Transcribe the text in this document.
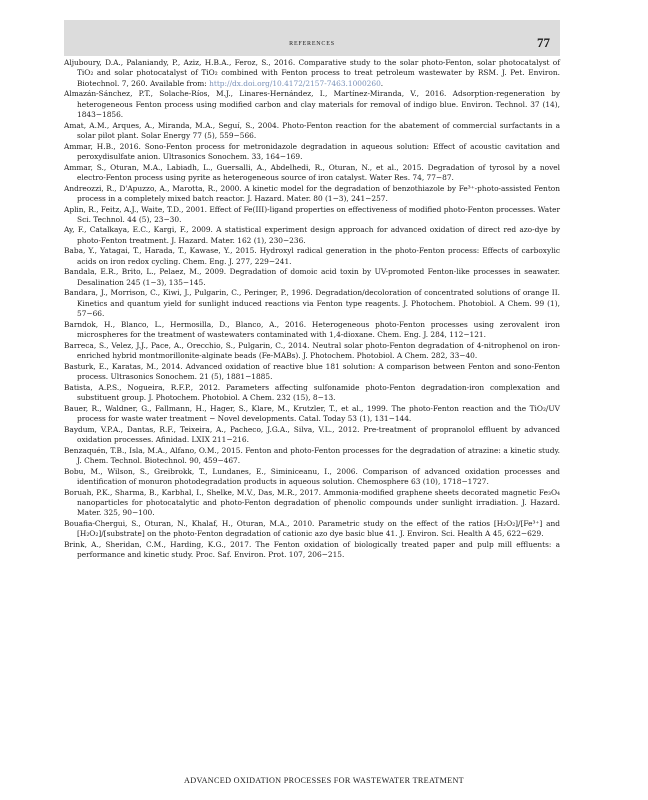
REFERENCES	77

Aljuboury, D.A., Palaniandy, P., Aziz, H.B.A., Feroz, S., 2016. Comparative study to the solar photo-Fenton, solar photocatalyst of TiO₂ and solar photocatalyst of TiO₂ combined with Fenton process to treat petroleum wastewater by RSM. J. Pet. Environ. Biotechnol. 7, 260. Available from: http://dx.doi.org/10.4172/2157-7463.1000260.

Almazán-Sánchez, P.T., Solache-Ríos, M.J., Linares-Hernández, I., Martínez-Miranda, V., 2016. Adsorption-regeneration by heterogeneous Fenton process using modified carbon and clay materials for removal of indigo blue. Environ. Technol. 37 (14), 1843−1856.

Amat, A.M., Arques, A., Miranda, M.A., Seguí, S., 2004. Photo-Fenton reaction for the abatement of commercial surfactants in a solar pilot plant. Solar Energy 77 (5), 559−566.

Ammar, H.B., 2016. Sono-Fenton process for metronidazole degradation in aqueous solution: Effect of acoustic cavitation and peroxydisulfate anion. Ultrasonics Sonochem. 33, 164−169.

Ammar, S., Oturan, M.A., Labiadh, L., Guersalli, A., Abdelhedi, R., Oturan, N., et al., 2015. Degradation of tyrosol by a novel electro-Fenton process using pyrite as heterogeneous source of iron catalyst. Water Res. 74, 77−87.

Andreozzi, R., D'Apuzzo, A., Marotta, R., 2000. A kinetic model for the degradation of benzothiazole by Fe³⁺-photo-assisted Fenton process in a completely mixed batch reactor. J. Hazard. Mater. 80 (1−3), 241−257.

Aplin, R., Feitz, A.J., Waite, T.D., 2001. Effect of Fe(III)-ligand properties on effectiveness of modified photo-Fenton processes. Water Sci. Technol. 44 (5), 23−30.

Ay, F., Catalkaya, E.C., Kargi, F., 2009. A statistical experiment design approach for advanced oxidation of direct red azo-dye by photo-Fenton treatment. J. Hazard. Mater. 162 (1), 230−236.

Baba, Y., Yatagai, T., Harada, T., Kawase, Y., 2015. Hydroxyl radical generation in the photo-Fenton process: Effects of carboxylic acids on iron redox cycling. Chem. Eng. J. 277, 229−241.

Bandala, E.R., Brito, L., Pelaez, M., 2009. Degradation of domoic acid toxin by UV-promoted Fenton-like processes in seawater. Desalination 245 (1−3), 135−145.

Bandara, J., Morrison, C., Kiwi, J., Pulgarin, C., Peringer, P., 1996. Degradation/decoloration of concentrated solutions of orange II. Kinetics and quantum yield for sunlight induced reactions via Fenton type reagents. J. Photochem. Photobiol. A Chem. 99 (1), 57−66.

Barndok, H., Blanco, L., Hermosilla, D., Blanco, A., 2016. Heterogeneous photo-Fenton processes using zerovalent iron microspheres for the treatment of wastewaters contaminated with 1,4-dioxane. Chem. Eng. J. 284, 112−121.

Barreca, S., Velez, J.J., Pace, A., Orecchio, S., Pulgarin, C., 2014. Neutral solar photo-Fenton degradation of 4-nitrophenol on iron-enriched hybrid montmorillonite-alginate beads (Fe-MABs). J. Photochem. Photobiol. A Chem. 282, 33−40.

Basturk, E., Karatas, M., 2014. Advanced oxidation of reactive blue 181 solution: A comparison between Fenton and sono-Fenton process. Ultrasonics Sonochem. 21 (5), 1881−1885.

Batista, A.P.S., Nogueira, R.F.P., 2012. Parameters affecting sulfonamide photo-Fenton degradation-iron complexation and substituent group. J. Photochem. Photobiol. A Chem. 232 (15), 8−13.

Bauer, R., Waldner, G., Fallmann, H., Hager, S., Klare, M., Krutzler, T., et al., 1999. The photo-Fenton reaction and the TiO₂/UV process for waste water treatment − Novel developments. Catal. Today 53 (1), 131−144.

Baydum, V.P.A., Dantas, R.F., Teixeira, A., Pacheco, J.G.A., Silva, V.L., 2012. Pre-treatment of propranolol effluent by advanced oxidation processes. Afinidad. LXIX 211−216.

Benzaquén, T.B., Isla, M.A., Alfano, O.M., 2015. Fenton and photo-Fenton processes for the degradation of atrazine: a kinetic study. J. Chem. Technol. Biotechnol. 90, 459−467.

Bobu, M., Wilson, S., Greibrokk, T., Lundanes, E., Siminiceanu, I., 2006. Comparison of advanced oxidation processes and identification of monuron photodegradation products in aqueous solution. Chemosphere 63 (10), 1718−1727.

Boruah, P.K., Sharma, B., Karbhal, I., Shelke, M.V., Das, M.R., 2017. Ammonia-modified graphene sheets decorated magnetic Fe₃O₄ nanoparticles for photocatalytic and photo-Fenton degradation of phenolic compounds under sunlight irradiation. J. Hazard. Mater. 325, 90−100.

Bouafia-Chergui, S., Oturan, N., Khalaf, H., Oturan, M.A., 2010. Parametric study on the effect of the ratios [H₂O₂]/[Fe³⁺] and [H₂O₂]/[substrate] on the photo-Fenton degradation of cationic azo dye basic blue 41. J. Environ. Sci. Health A 45, 622−629.

Brink, A., Sheridan, C.M., Harding, K.G., 2017. The Fenton oxidation of biologically treated paper and pulp mill effluents: a performance and kinetic study. Proc. Saf. Environ. Prot. 107, 206−215.

ADVANCED OXIDATION PROCESSES FOR WASTEWATER TREATMENT
